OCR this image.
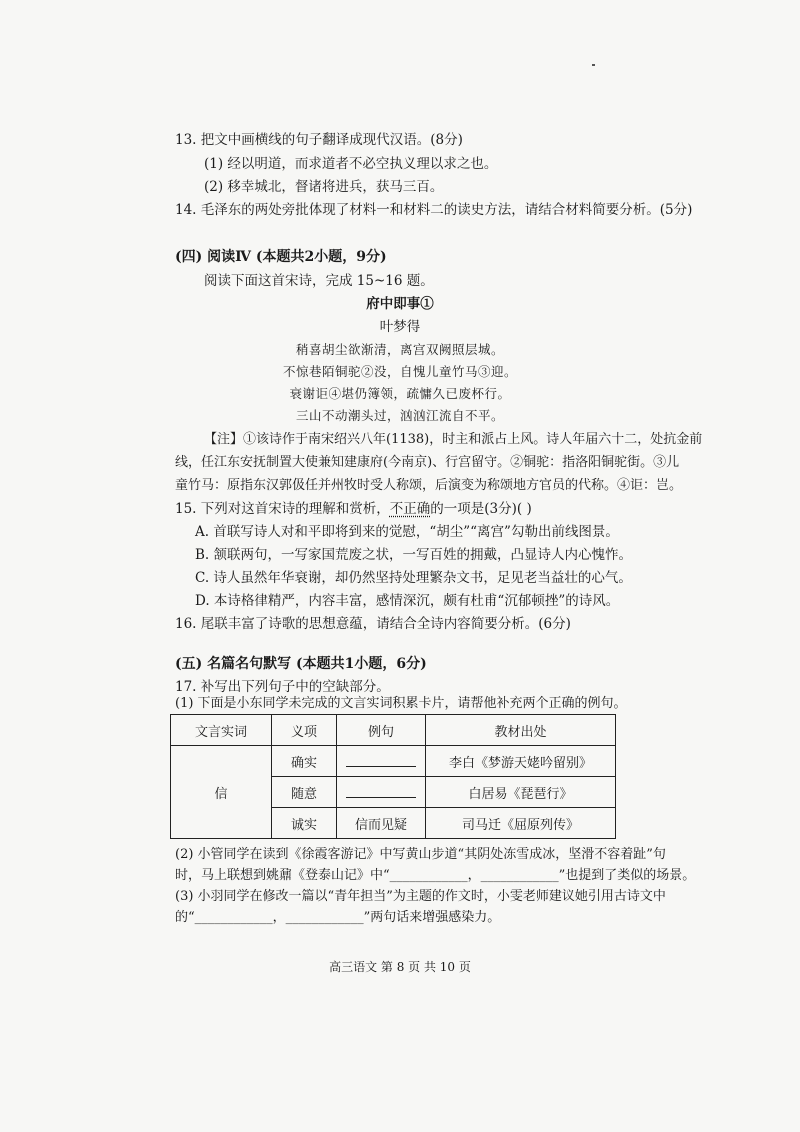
13. 把文中画横线的句子翻译成现代汉语。(8分)
(1) 经以明道，而求道者不必空执义理以求之也。
(2) 移幸城北，督诸将进兵，获马三百。
14. 毛泽东的两处旁批体现了材料一和材料二的读史方法，请结合材料简要分析。(5分)
(四) 阅读Ⅳ (本题共2小题，9分)
阅读下面这首宋诗，完成 15~16 题。
府中即事①
叶梦得
稍喜胡尘欲渐清，离宫双阙照层城。
不惊巷陌铜驼②没，自愧儿童竹马③迎。
衰谢讵④堪仍簿领，疏慵久已废杯行。
三山不动潮头过，汹汹江流自不平。
【注】①该诗作于南宋绍兴八年(1138)，时主和派占上风。诗人年届六十二，处抗金前
线，任江东安抚制置大使兼知建康府(今南京)、行宫留守。②铜驼：指洛阳铜驼街。③儿
童竹马：原指东汉郭伋任并州牧时受人称颂，后演变为称颂地方官员的代称。④讵：岂。
15. 下列对这首宋诗的理解和赏析，不正确的一项是(3分)( )
A. 首联写诗人对和平即将到来的觉慰，“胡尘”“离宫”勾勒出前线图景。
B. 颔联两句，一写家国荒废之状，一写百姓的拥戴，凸显诗人内心愧怍。
C. 诗人虽然年华衰谢，却仍然坚持处理繁杂文书，足见老当益壮的心气。
D. 本诗格律精严，内容丰富，感情深沉，颇有杜甫“沉郁顿挫”的诗风。
16. 尾联丰富了诗歌的思想意蕴，请结合全诗内容简要分析。(6分)
(五) 名篇名句默写 (本题共1小题，6分)
17. 补写出下列句子中的空缺部分。
(1) 下面是小东同学未完成的文言实词积累卡片，请帮他补充两个正确的例句。
文言实词	义项	例句	教材出处
信	确实		李白《梦游天姥吟留别》
	随意		白居易《琵琶行》
	诚实	信而见疑	司马迁《屈原列传》
(2) 小管同学在读到《徐霞客游记》中写黄山步道“其阴处冻雪成冰，坚滑不容着趾”句
时，马上联想到姚鼐《登泰山记》中“____________，____________”也提到了类似的场景。
(3) 小羽同学在修改一篇以“青年担当”为主题的作文时，小雯老师建议她引用古诗文中
的“____________，____________”两句话来增强感染力。
高三语文 第 8 页 共 10 页
